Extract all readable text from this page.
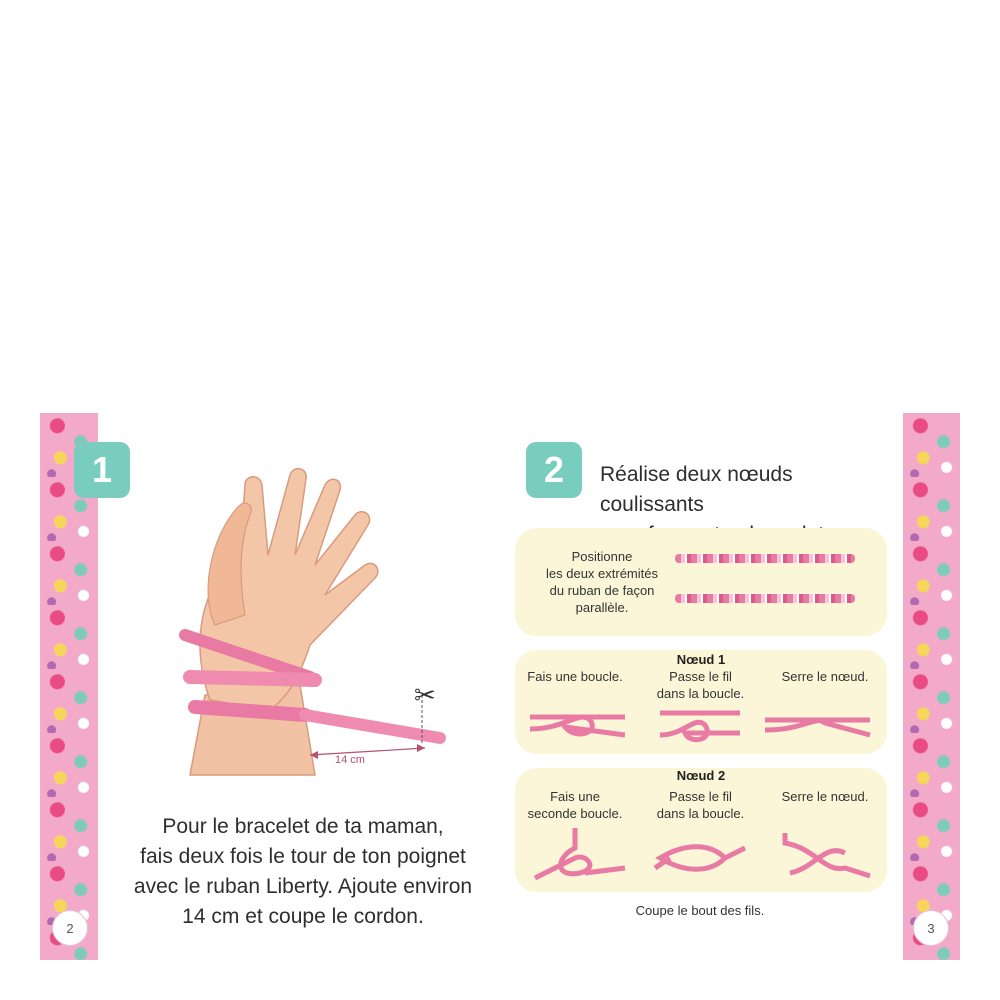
2	3
1
14 cm
✂
Pour le bracelet de ta maman,
fais deux fois le tour de ton poignet
avec le ruban Liberty. Ajoute environ
14 cm et coupe le cordon.
2	Réalise deux nœuds coulissants
Positionne
les deux extrémités
du ruban de façon
parallèle.
Nœud 1
Fais une boucle.	Passe le fil
dans la boucle.
Serre le nœud.
Nœud 2
Fais une
seconde boucle.
Passe le fil
dans la boucle.
Serre le nœud.
Coupe le bout des fils.
